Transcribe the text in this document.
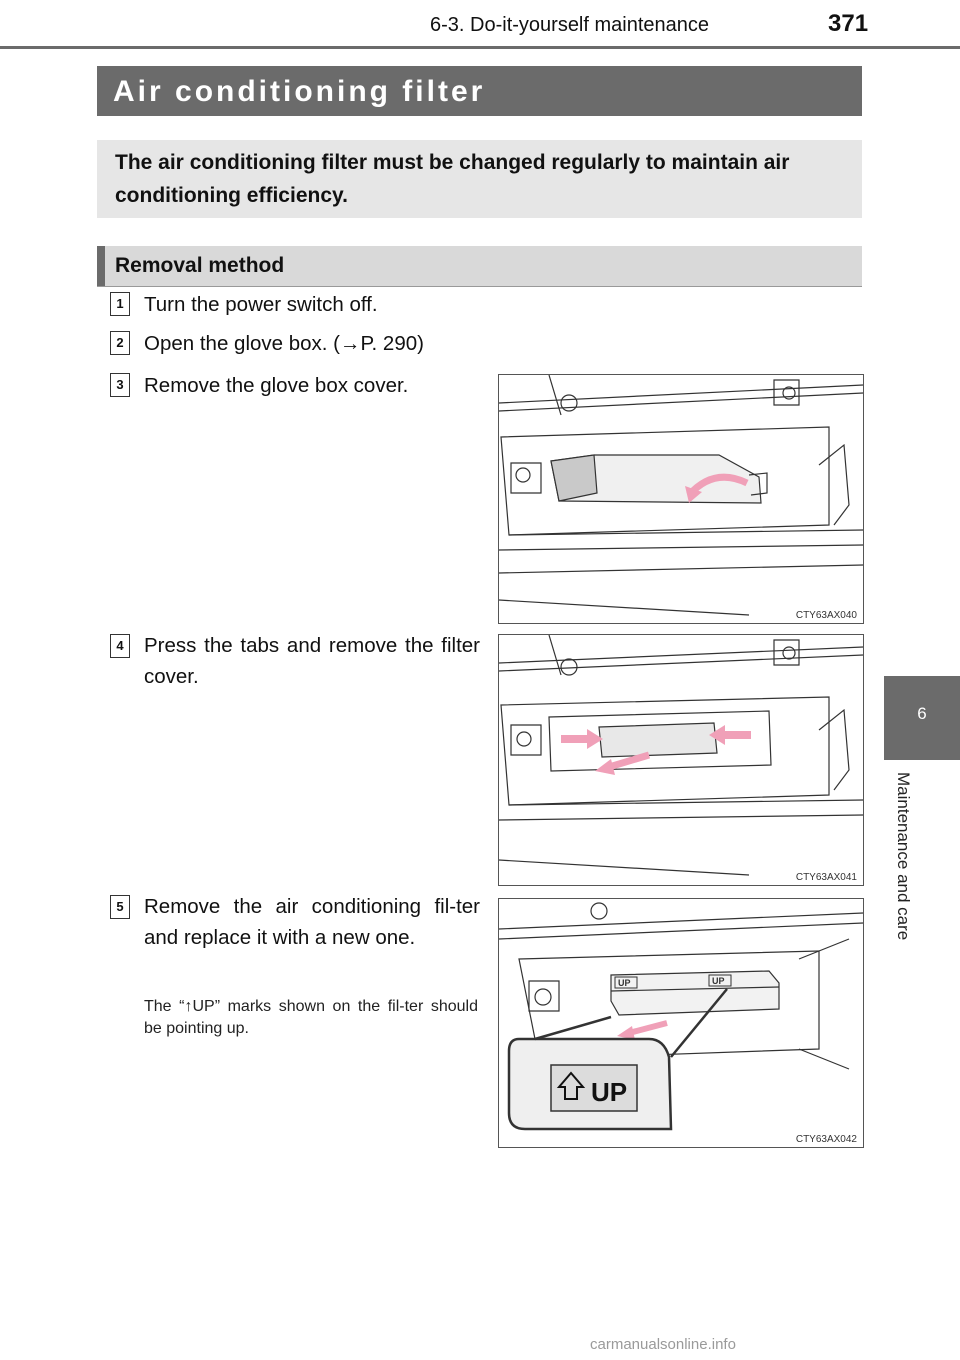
6-3. Do-it-yourself maintenance	371
Air conditioning filter
The air conditioning filter must be changed regularly to maintain air conditioning efficiency.
Removal method
1 Turn the power switch off.
2 Open the glove box. (→P. 290)
3 Remove the glove box cover.
CTY63AX040
4 Press the tabs and remove the filter cover.
CTY63AX041
5 Remove the air conditioning fil-ter and replace it with a new one.
The “↑UP” marks shown on the fil-ter should be pointing up.
UP	UP
UP
CTY63AX042
6
Maintenance and care
carmanualsonline.info
